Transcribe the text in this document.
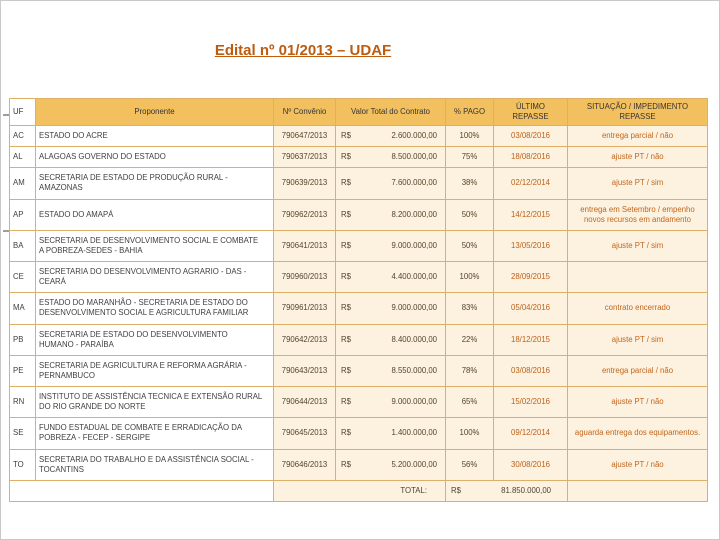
Edital nº 01/2013 – UDAF
UF	Proponente	Nº Convênio	Valor Total do Contrato	% PAGO	ÚLTIMO REPASSE	SITUAÇÃO / IMPEDIMENTO REPASSE
AC	ESTADO DO ACRE	790647/2013	R$ 2.600.000,00	100%	03/08/2016	entrega parcial / não
AL	ALAGOAS GOVERNO DO ESTADO	790637/2013	R$ 8.500.000,00	75%	18/08/2016	ajuste PT / não
AM	SECRETARIA DE ESTADO DE PRODUÇÃO RURAL - AMAZONAS	790639/2013	R$ 7.600.000,00	38%	02/12/2014	ajuste PT / sim
AP	ESTADO DO AMAPÁ	790962/2013	R$ 8.200.000,00	50%	14/12/2015	entrega em Setembro / empenho novos recursos em andamento
BA	SECRETARIA DE DESENVOLVIMENTO SOCIAL E COMBATE A POBREZA-SEDES - BAHIA	790641/2013	R$ 9.000.000,00	50%	13/05/2016	ajuste PT / sim
CE	SECRETARIA DO DESENVOLVIMENTO AGRARIO - DAS - CEARÁ	790960/2013	R$ 4.400.000,00	100%	28/09/2015	
MA	ESTADO DO MARANHÃO - SECRETARIA DE ESTADO DO DESENVOLVIMENTO SOCIAL E AGRICULTURA FAMILIAR	790961/2013	R$ 9.000.000,00	83%	05/04/2016	contrato encerrado
PB	SECRETARIA DE ESTADO DO DESENVOLVIMENTO HUMANO - PARAÍBA	790642/2013	R$ 8.400.000,00	22%	18/12/2015	ajuste PT / sim
PE	SECRETARIA DE AGRICULTURA E REFORMA AGRÁRIA - PERNAMBUCO	790643/2013	R$ 8.550.000,00	78%	03/08/2016	entrega parcial / não
RN	INSTITUTO DE ASSISTÊNCIA TECNICA E EXTENSÃO RURAL DO RIO GRANDE DO NORTE	790644/2013	R$ 9.000.000,00	65%	15/02/2016	ajuste PT / não
SE	FUNDO ESTADUAL DE COMBATE E ERRADICAÇÃO DA POBREZA - FECEP - SERGIPE	790645/2013	R$ 1.400.000,00	100%	09/12/2014	aguarda entrega dos equipamentos.
TO	SECRETARIA DO TRABALHO E DA ASSISTÊNCIA SOCIAL - TOCANTINS	790646/2013	R$ 5.200.000,00	56%	30/08/2016	ajuste PT / não
		TOTAL:		R$ 81.850.000,00		
